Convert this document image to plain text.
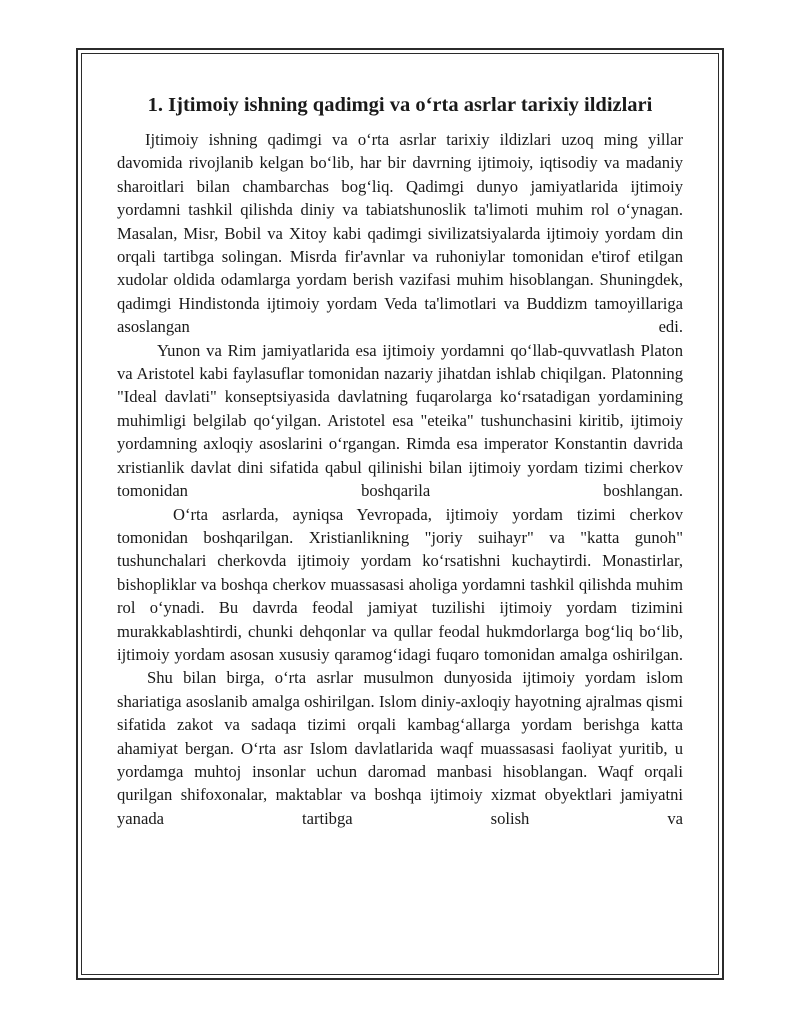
1. Ijtimoiy ishning qadimgi va o‘rta asrlar tarixiy ildizlari

Ijtimoiy ishning qadimgi va o‘rta asrlar tarixiy ildizlari uzoq ming yillar davomida rivojlanib kelgan bo‘lib, har bir davrning ijtimoiy, iqtisodiy va madaniy sharoitlari bilan chambarchas bog‘liq. Qadimgi dunyo jamiyatlarida ijtimoiy yordamni tashkil qilishda diniy va tabiatshunoslik ta'limoti muhim rol o‘ynagan. Masalan, Misr, Bobil va Xitoy kabi qadimgi sivilizatsiyalarda ijtimoiy yordam din orqali tartibga solingan. Misrda fir'avnlar va ruhoniylar tomonidan e'tirof etilgan xudolar oldida odamlarga yordam berish vazifasi muhim hisoblangan. Shuningdek, qadimgi Hindistonda ijtimoiy yordam Veda ta'limotlari va Buddizm tamoyillariga asoslangan edi.

Yunon va Rim jamiyatlarida esa ijtimoiy yordamni qo‘llab-quvvatlash Platon va Aristotel kabi faylasuflar tomonidan nazariy jihatdan ishlab chiqilgan. Platonning "Ideal davlati" konseptsiyasida davlatning fuqarolarga ko‘rsatadigan yordamining muhimligi belgilab qo‘yilgan. Aristotel esa "eteika" tushunchasini kiritib, ijtimoiy yordamning axloqiy asoslarini o‘rgangan. Rimda esa imperator Konstantin davrida xristianlik davlat dini sifatida qabul qilinishi bilan ijtimoiy yordam tizimi cherkov tomonidan boshqarila boshlangan.

O‘rta asrlarda, ayniqsa Yevropada, ijtimoiy yordam tizimi cherkov tomonidan boshqarilgan. Xristianlikning "joriy suihayr" va "katta gunoh" tushunchalari cherkovda ijtimoiy yordam ko‘rsatishni kuchaytirdi. Monastirlar, bishopliklar va boshqa cherkov muassasasi aholiga yordamni tashkil qilishda muhim rol o‘ynadi. Bu davrda feodal jamiyat tuzilishi ijtimoiy yordam tizimini murakkablashtirdi, chunki dehqonlar va qullar feodal hukmdorlarga bog‘liq bo‘lib, ijtimoiy yordam asosan xususiy qaramog‘idagi fuqaro tomonidan amalga oshirilgan.

Shu bilan birga, o‘rta asrlar musulmon dunyosida ijtimoiy yordam islom shariatiga asoslanib amalga oshirilgan. Islom diniy-axloqiy hayotning ajralmas qismi sifatida zakot va sadaqa tizimi orqali kambag‘allarga yordam berishga katta ahamiyat bergan. O‘rta asr Islom davlatlarida waqf muassasasi faoliyat yuritib, u yordamga muhtoj insonlar uchun daromad manbasi hisoblangan. Waqf orqali qurilgan shifoxonalar, maktablar va boshqa ijtimoiy xizmat obyektlari jamiyatni yanada tartibga solish va
